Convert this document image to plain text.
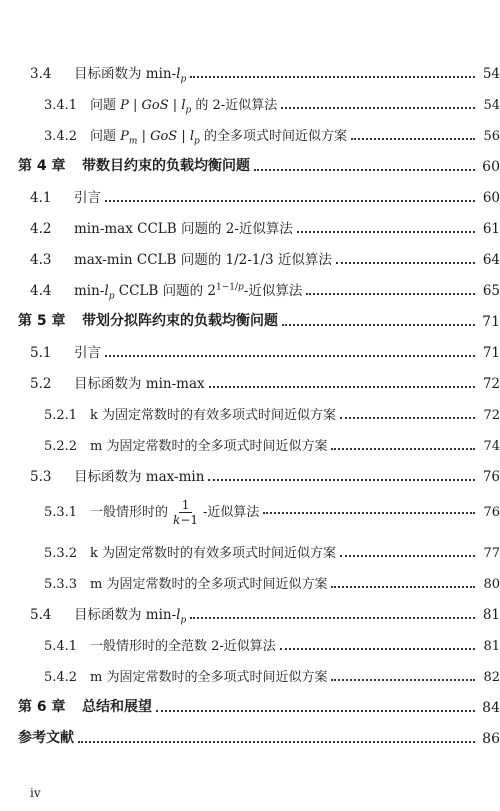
3.4	目标函数为 $\min-l_p$	54
3.4.1 问题 P | GoS | $l_p$ 的 2-近似算法	54
3.4.2 问题 $P_m$ | GoS | $l_p$ 的全多项式时间近似方案	56
第 4 章	带数目约束的负载均衡问题	60
4.1	引言	60
4.2	min-max CCLB 问题的 2-近似算法	61
4.3	max-min CCLB 问题的 1/2-1/3 近似算法	64
4.4	$\min-l_p$ CCLB 问题的 $2^{1-1/p}-$近似算法	65
第 5 章	带划分拟阵约束的负载均衡问题	71
5.1	引言	71
5.2	目标函数为 min-max	72
5.2.1 k 为固定常数时的有效多项式时间近似方案	72
5.2.2 m 为固定常数时的全多项式时间近似方案	74
5.3	目标函数为 max-min	76
5.3.1 一般情形时的 $\frac{1}{k-1}$ -近似算法	76
5.3.2 k 为固定常数时的有效多项式时间近似方案	77
5.3.3 m 为固定常数时的全多项式时间近似方案	80
5.4	目标函数为 $\min-l_p$	81
5.4.1 一般情形时的全范数 2-近似算法	81
5.4.2 m 为固定常数时的全多项式时间近似方案	82
第 6 章	总结和展望	84
参考文献	86
iv
